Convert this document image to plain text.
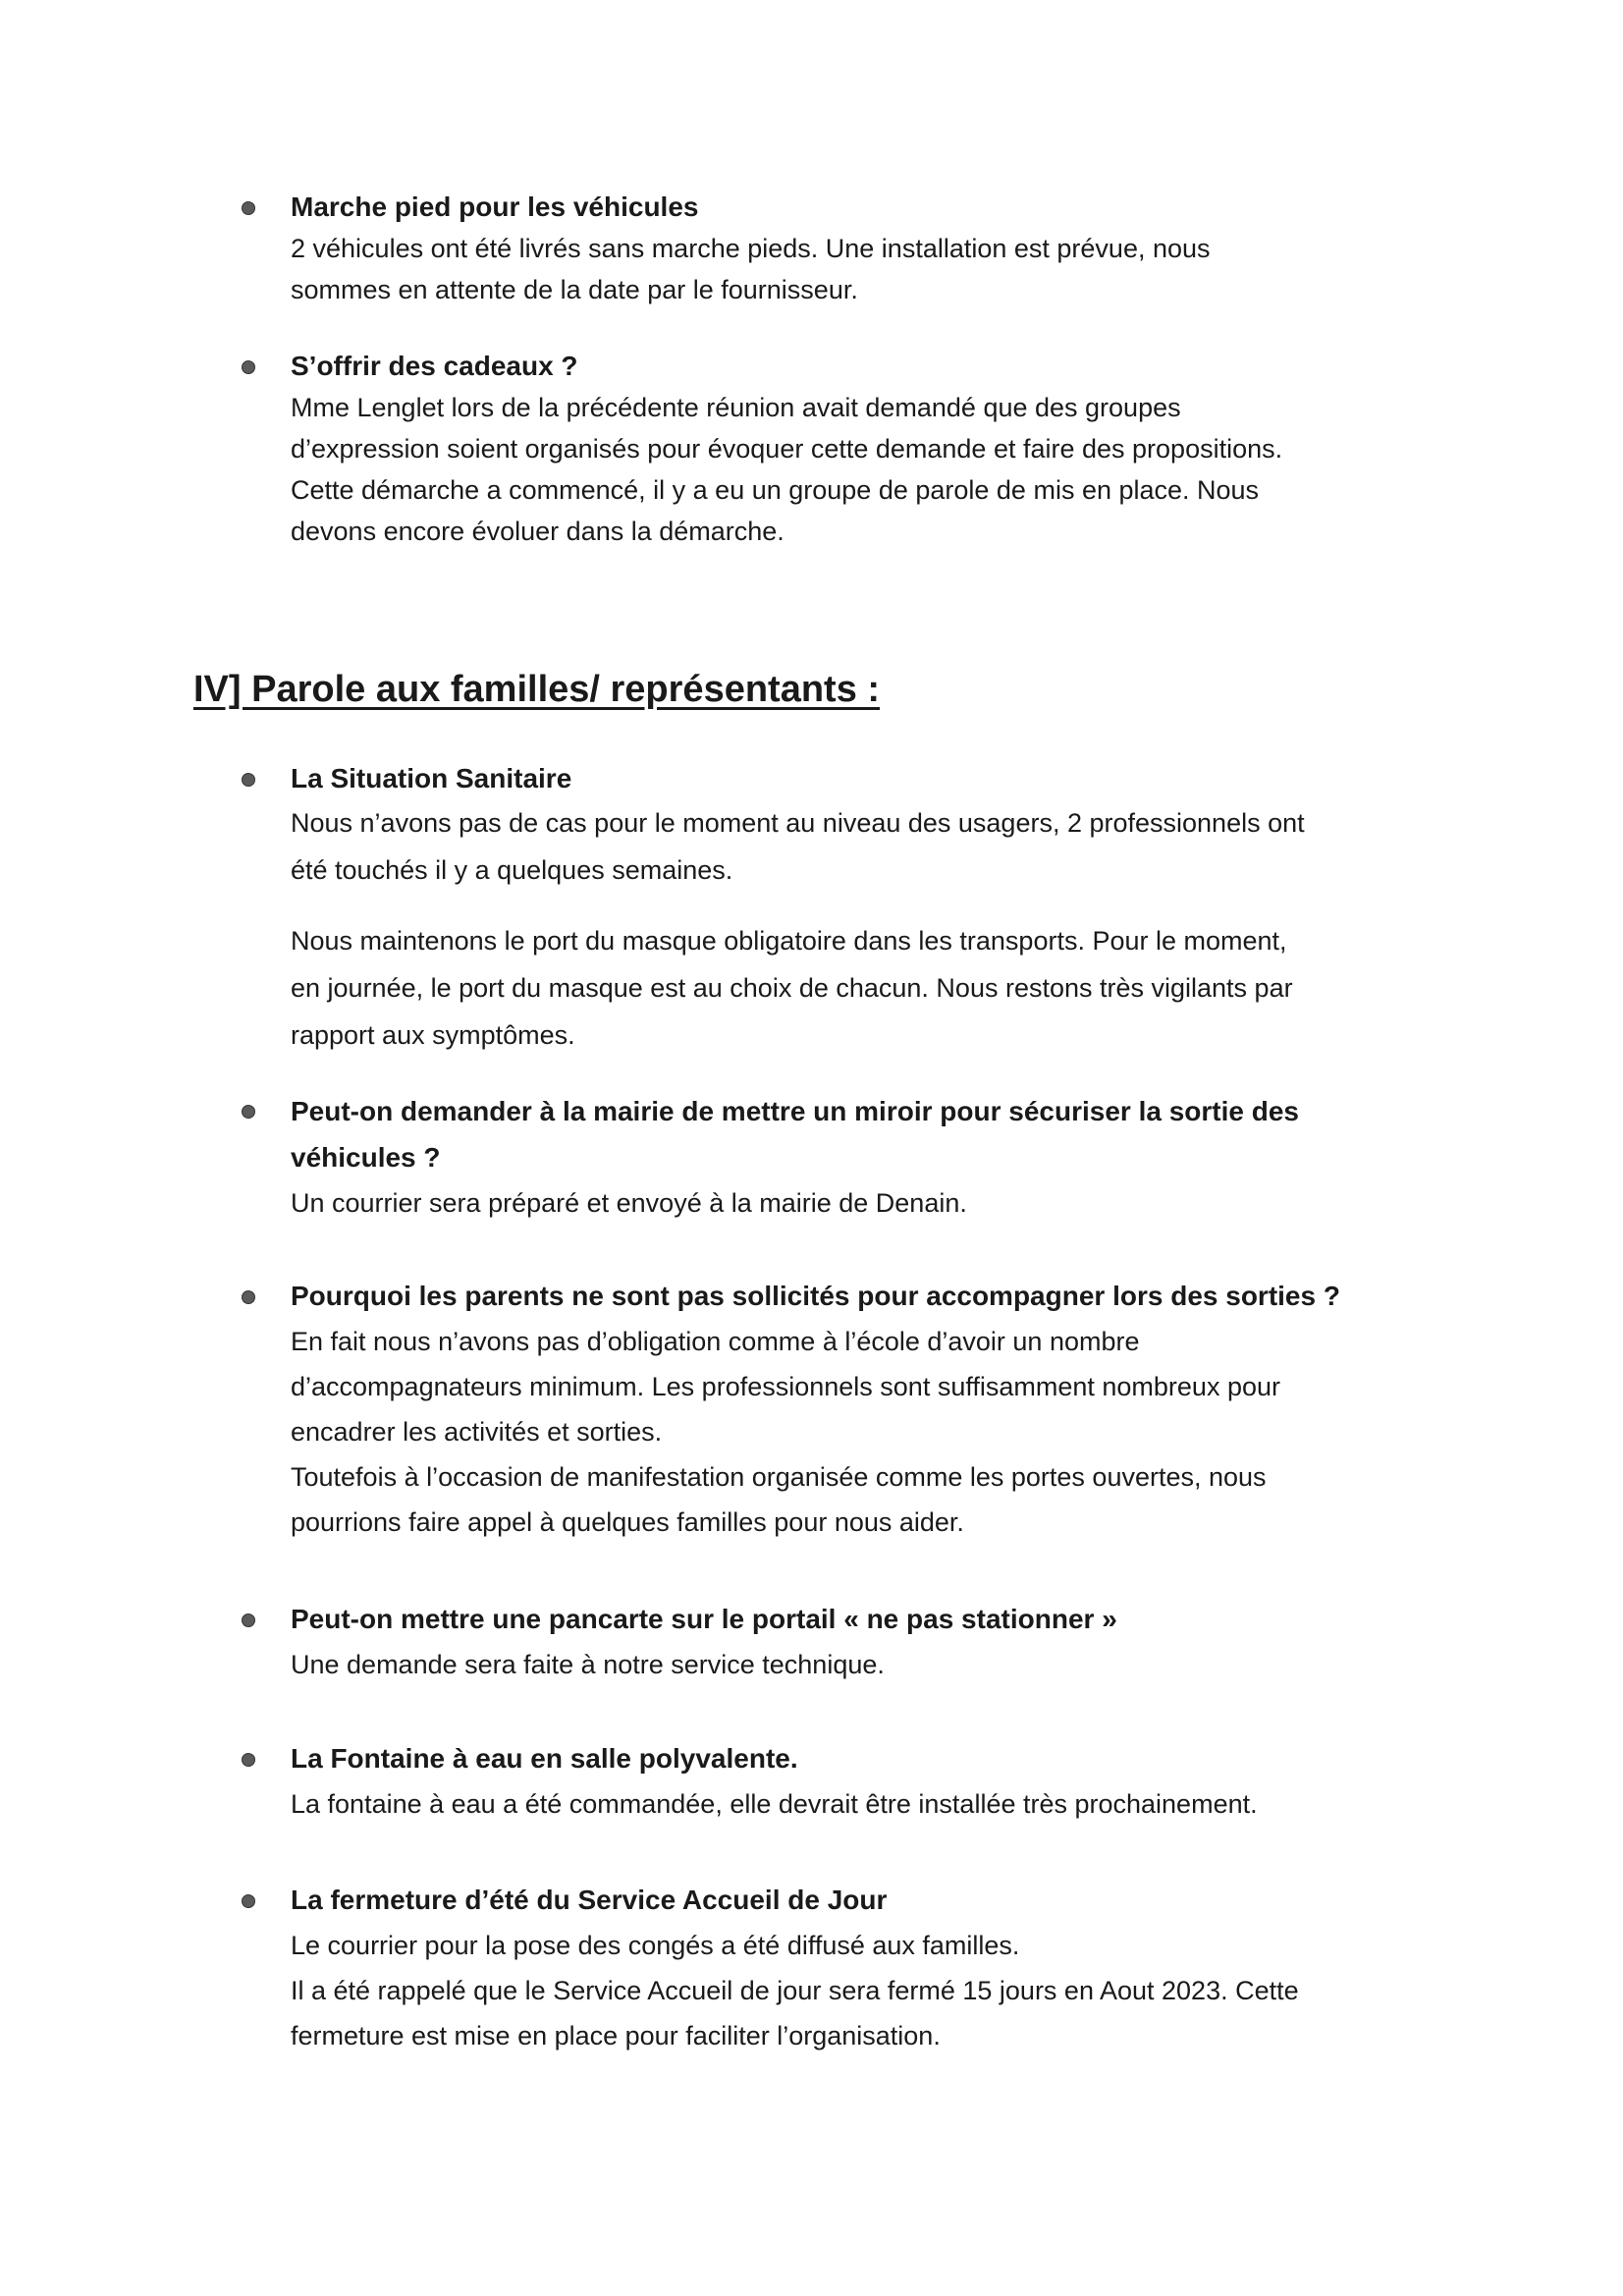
Marche pied pour les véhicules

2 véhicules ont été livrés sans marche pieds. Une installation est prévue, nous

sommes en attente de la date par le fournisseur.

S’offrir des cadeaux ?

Mme Lenglet lors de la précédente réunion avait demandé que des groupes

d’expression soient organisés pour évoquer cette demande et faire des propositions.

Cette démarche a commencé, il y a eu un groupe de parole de mis en place. Nous

devons encore évoluer dans la démarche.

IV] Parole aux familles/ représentants :

La Situation Sanitaire

Nous n’avons pas de cas pour le moment au niveau des usagers, 2 professionnels ont

été touchés il y a quelques semaines.

Nous maintenons le port du masque obligatoire dans les transports. Pour le moment,

en journée, le port du masque est au choix de chacun. Nous restons très vigilants par

rapport aux symptômes.

Peut-on demander à la mairie de mettre un miroir pour sécuriser la sortie des

véhicules ?

Un courrier sera préparé et envoyé à la mairie de Denain.

Pourquoi les parents ne sont pas sollicités pour accompagner lors des sorties ?

En fait nous n’avons pas d’obligation comme à l’école d’avoir un nombre

d’accompagnateurs minimum. Les professionnels sont suffisamment nombreux pour

encadrer les activités et sorties.

Toutefois à l’occasion de manifestation organisée comme les portes ouvertes, nous

pourrions faire appel à quelques familles pour nous aider.

Peut-on mettre une pancarte sur le portail « ne pas stationner »

Une demande sera faite à notre service technique.

La Fontaine à eau en salle polyvalente.

La fontaine à eau a été commandée, elle devrait être installée très prochainement.

La fermeture d’été du Service Accueil de Jour

Le courrier pour la pose des congés a été diffusé aux familles.

Il a été rappelé que le Service Accueil de jour sera fermé 15 jours en Aout 2023. Cette

fermeture est mise en place pour faciliter l’organisation.
